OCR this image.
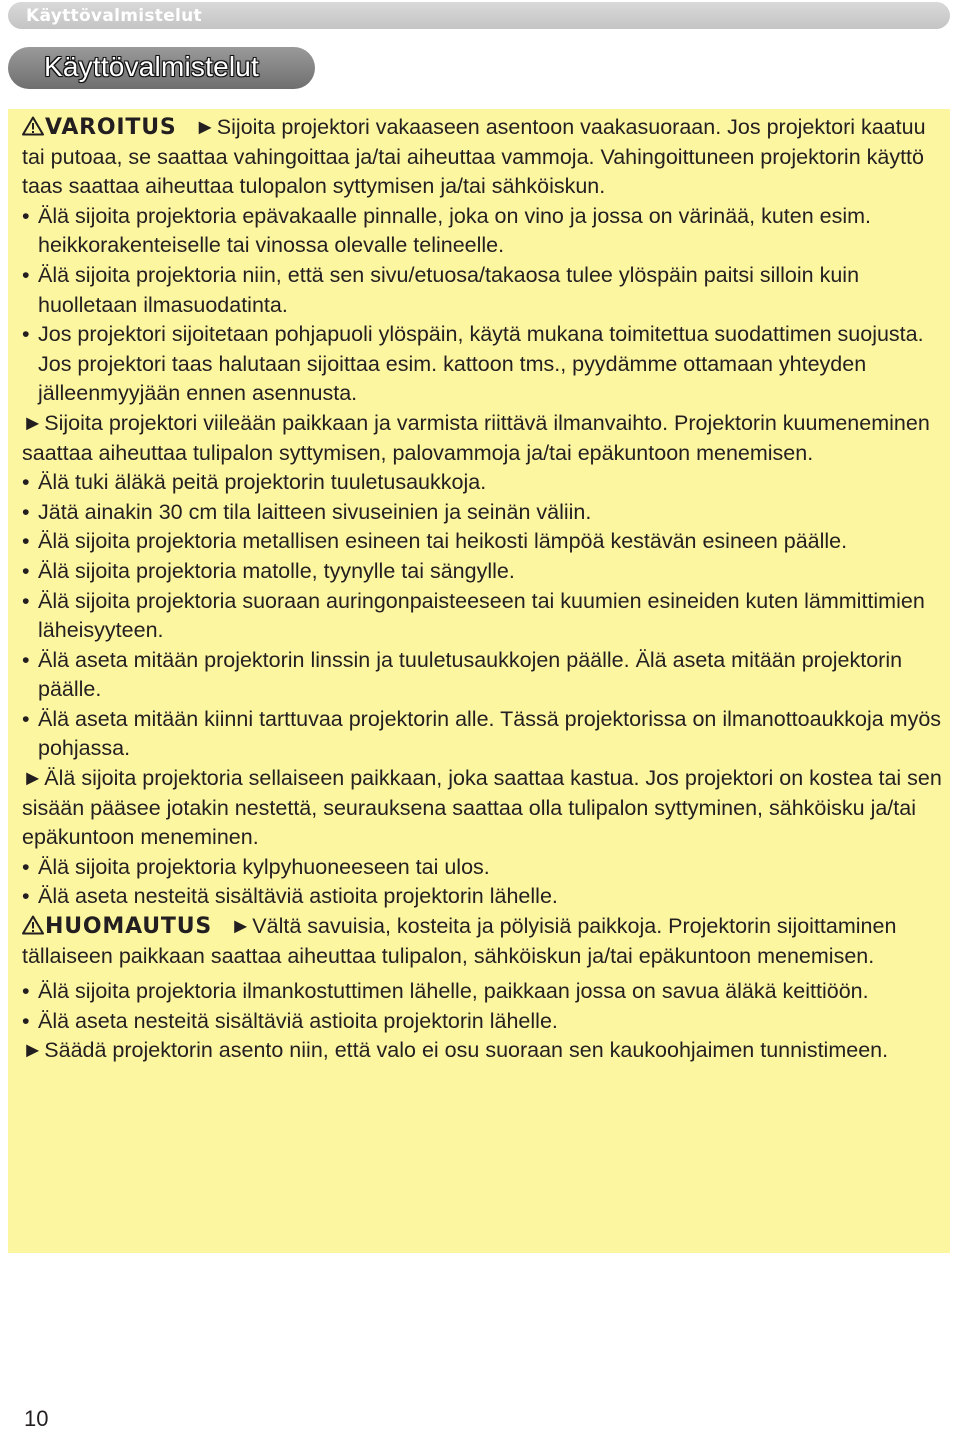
Käyttövalmistelut
Käyttövalmistelut

VAROITUS ►Sijoita projektori vakaaseen asentoon vaakasuoraan. Jos projektori kaatuu tai putoaa, se saattaa vahingoittaa ja/tai aiheuttaa vammoja. Vahingoittuneen projektorin käyttö taas saattaa aiheuttaa tulopalon syttymisen ja/tai sähköiskun.

• Älä sijoita projektoria epävakaalle pinnalle, joka on vino ja jossa on värinää, kuten esim. heikkorakenteiselle tai vinossa olevalle telineelle.

• Älä sijoita projektoria niin, että sen sivu/etuosa/takaosa tulee ylöspäin paitsi silloin kuin huolletaan ilmasuodatinta.

• Jos projektori sijoitetaan pohjapuoli ylöspäin, käytä mukana toimitettua suodattimen suojusta. Jos projektori taas halutaan sijoittaa esim. kattoon tms., pyydämme ottamaan yhteyden jälleenmyyjään ennen asennusta.

►Sijoita projektori viileään paikkaan ja varmista riittävä ilmanvaihto. Projektorin kuumeneminen saattaa aiheuttaa tulipalon syttymisen, palovammoja ja/tai epäkuntoon menemisen.

• Älä tuki äläkä peitä projektorin tuuletusaukkoja.

• Jätä ainakin 30 cm tila laitteen sivuseinien ja seinän väliin.

• Älä sijoita projektoria metallisen esineen tai heikosti lämpöä kestävän esineen päälle.

• Älä sijoita projektoria matolle, tyynylle tai sängylle.

• Älä sijoita projektoria suoraan auringonpaisteeseen tai kuumien esineiden kuten lämmittimien läheisyyteen.

• Älä aseta mitään projektorin linssin ja tuuletusaukkojen päälle. Älä aseta mitään projektorin päälle.

• Älä aseta mitään kiinni tarttuvaa projektorin alle. Tässä projektorissa on ilmanottoaukkoja myös pohjassa.

►Älä sijoita projektoria sellaiseen paikkaan, joka saattaa kastua. Jos projektori on kostea tai sen sisään pääsee jotakin nestettä, seurauksena saattaa olla tulipalon syttyminen, sähköisku ja/tai epäkuntoon meneminen.

• Älä sijoita projektoria kylpyhuoneeseen tai ulos.

• Älä aseta nesteitä sisältäviä astioita projektorin lähelle.

HUOMAUTUS ►Vältä savuisia, kosteita ja pölyisiä paikkoja. Projektorin sijoittaminen tällaiseen paikkaan saattaa aiheuttaa tulipalon, sähköiskun ja/tai epäkuntoon menemisen.

• Älä sijoita projektoria ilmankostuttimen lähelle, paikkaan jossa on savua äläkä keittiöön.

• Älä aseta nesteitä sisältäviä astioita projektorin lähelle.

►Säädä projektorin asento niin, että valo ei osu suoraan sen kaukoohjaimen tunnistimeen.

10
